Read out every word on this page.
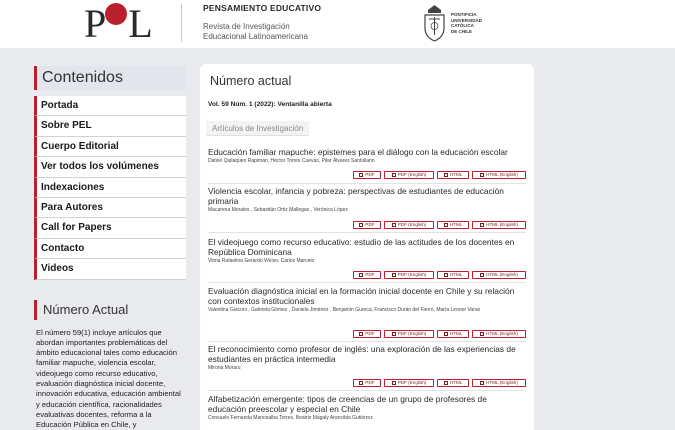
P L	PENSAMIENTO EDUCATIVO
Revista de Investigación
Educacional Latinoamericana
PONTIFICIA
UNIVERSIDAD
CATÓLICA
DE CHILE
Contenidos
Portada
Sobre PEL
Cuerpo Editorial
Ver todos los volúmenes
Indexaciones
Para Autores
Call for Papers
Contacto
Videos
Número Actual
El número 59(1) incluye artículos que abordan importantes problemáticas del ámbito educacional tales como educación familiar mapuche, violencia escolar, videojuego como recurso educativo, evaluación diagnóstica inicial docente, innovación educativa, educación ambiental y educación científica, racionalidades evaluativas docentes, reforma a la Educación Pública en Chile, y
Número actual
Vol. 59 Núm. 1 (2022): Ventanilla abierta
Artículos de Investigación
Educación familiar mapuche: epistemes para el diálogo con la educación escolar
Daniel Quilaqueo Rapimán, Héctor Torres Cuevas, Pilar Álvarez Santullano
PDF	PDF (English)	HTML	HTML (English)
Violencia escolar, infancia y pobreza: perspectivas de estudiantes de educación primaria
Macarena Morales , Sebastián Ortiz Mallegas , Verónica López
PDF	PDF (English)	HTML	HTML (English)
El videojuego como recurso educativo: estudio de las actitudes de los docentes en República Dominicana
Vilma Rafaelina Gerardo Weiso, Carlos Marcelo
PDF	PDF (English)	HTML	HTML (English)
Evaluación diagnóstica inicial en la formación inicial docente en Chile y su relación con contextos institucionales
Valentina Giaconi , Gabriela Gómez , Daniela Jiménez , Benjamín Gureca, Francisco Durán del Fierro, María Leonor Varas
PDF	PDF (English)	HTML	HTML (English)
El reconocimiento como profesor de inglés: una exploración de las experiencias de estudiantes en práctica intermedia
Mirona Moraru
PDF	PDF (English)	HTML	HTML (English)
Alfabetización emergente: tipos de creencias de un grupo de profesores de educación preescolar y especial en Chile
Consuelo Fernanda Manosalba Torres, Beatriz Magaly Arancibia Gutiérrez
